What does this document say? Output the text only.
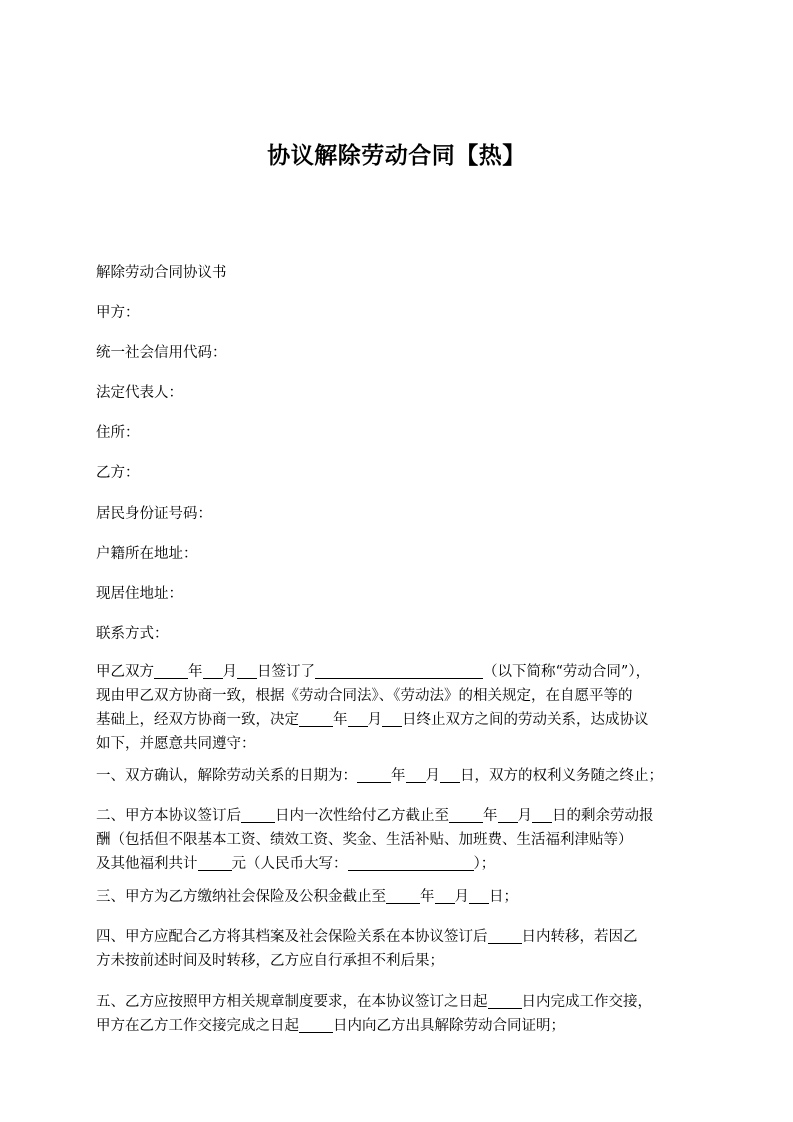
协议解除劳动合同【热】
解除劳动合同协议书
甲方：
统一社会信用代码：
法定代表人：
住所：
乙方：
居民身份证号码：
户籍所在地址：
现居住地址：
联系方式：
甲乙双方 年 月 日签订了	（以下简称“劳动合同”），
现由甲乙双方协商一致，根据《劳动合同法》、《劳动法》的相关规定，在自愿平等的
基础上，经双方协商一致，决定 年 月 日终止双方之间的劳动关系，达成协议
如下，并愿意共同遵守：
一、双方确认，解除劳动关系的日期为： 年 月 日，双方的权利义务随之终止；
二、甲方本协议签订后 日内一次性给付乙方截止至 年 月 日的剩余劳动报
酬（包括但不限基本工资、绩效工资、奖金、生活补贴、加班费、生活福利津贴等）
及其他福利共计 元（人民币大写：	）；
三、甲方为乙方缴纳社会保险及公积金截止至 年 月 日；
四、甲方应配合乙方将其档案及社会保险关系在本协议签订后 日内转移，若因乙
方未按前述时间及时转移，乙方应自行承担不利后果；
五、乙方应按照甲方相关规章制度要求，在本协议签订之日起 日内完成工作交接，
甲方在乙方工作交接完成之日起 日内向乙方出具解除劳动合同证明；
